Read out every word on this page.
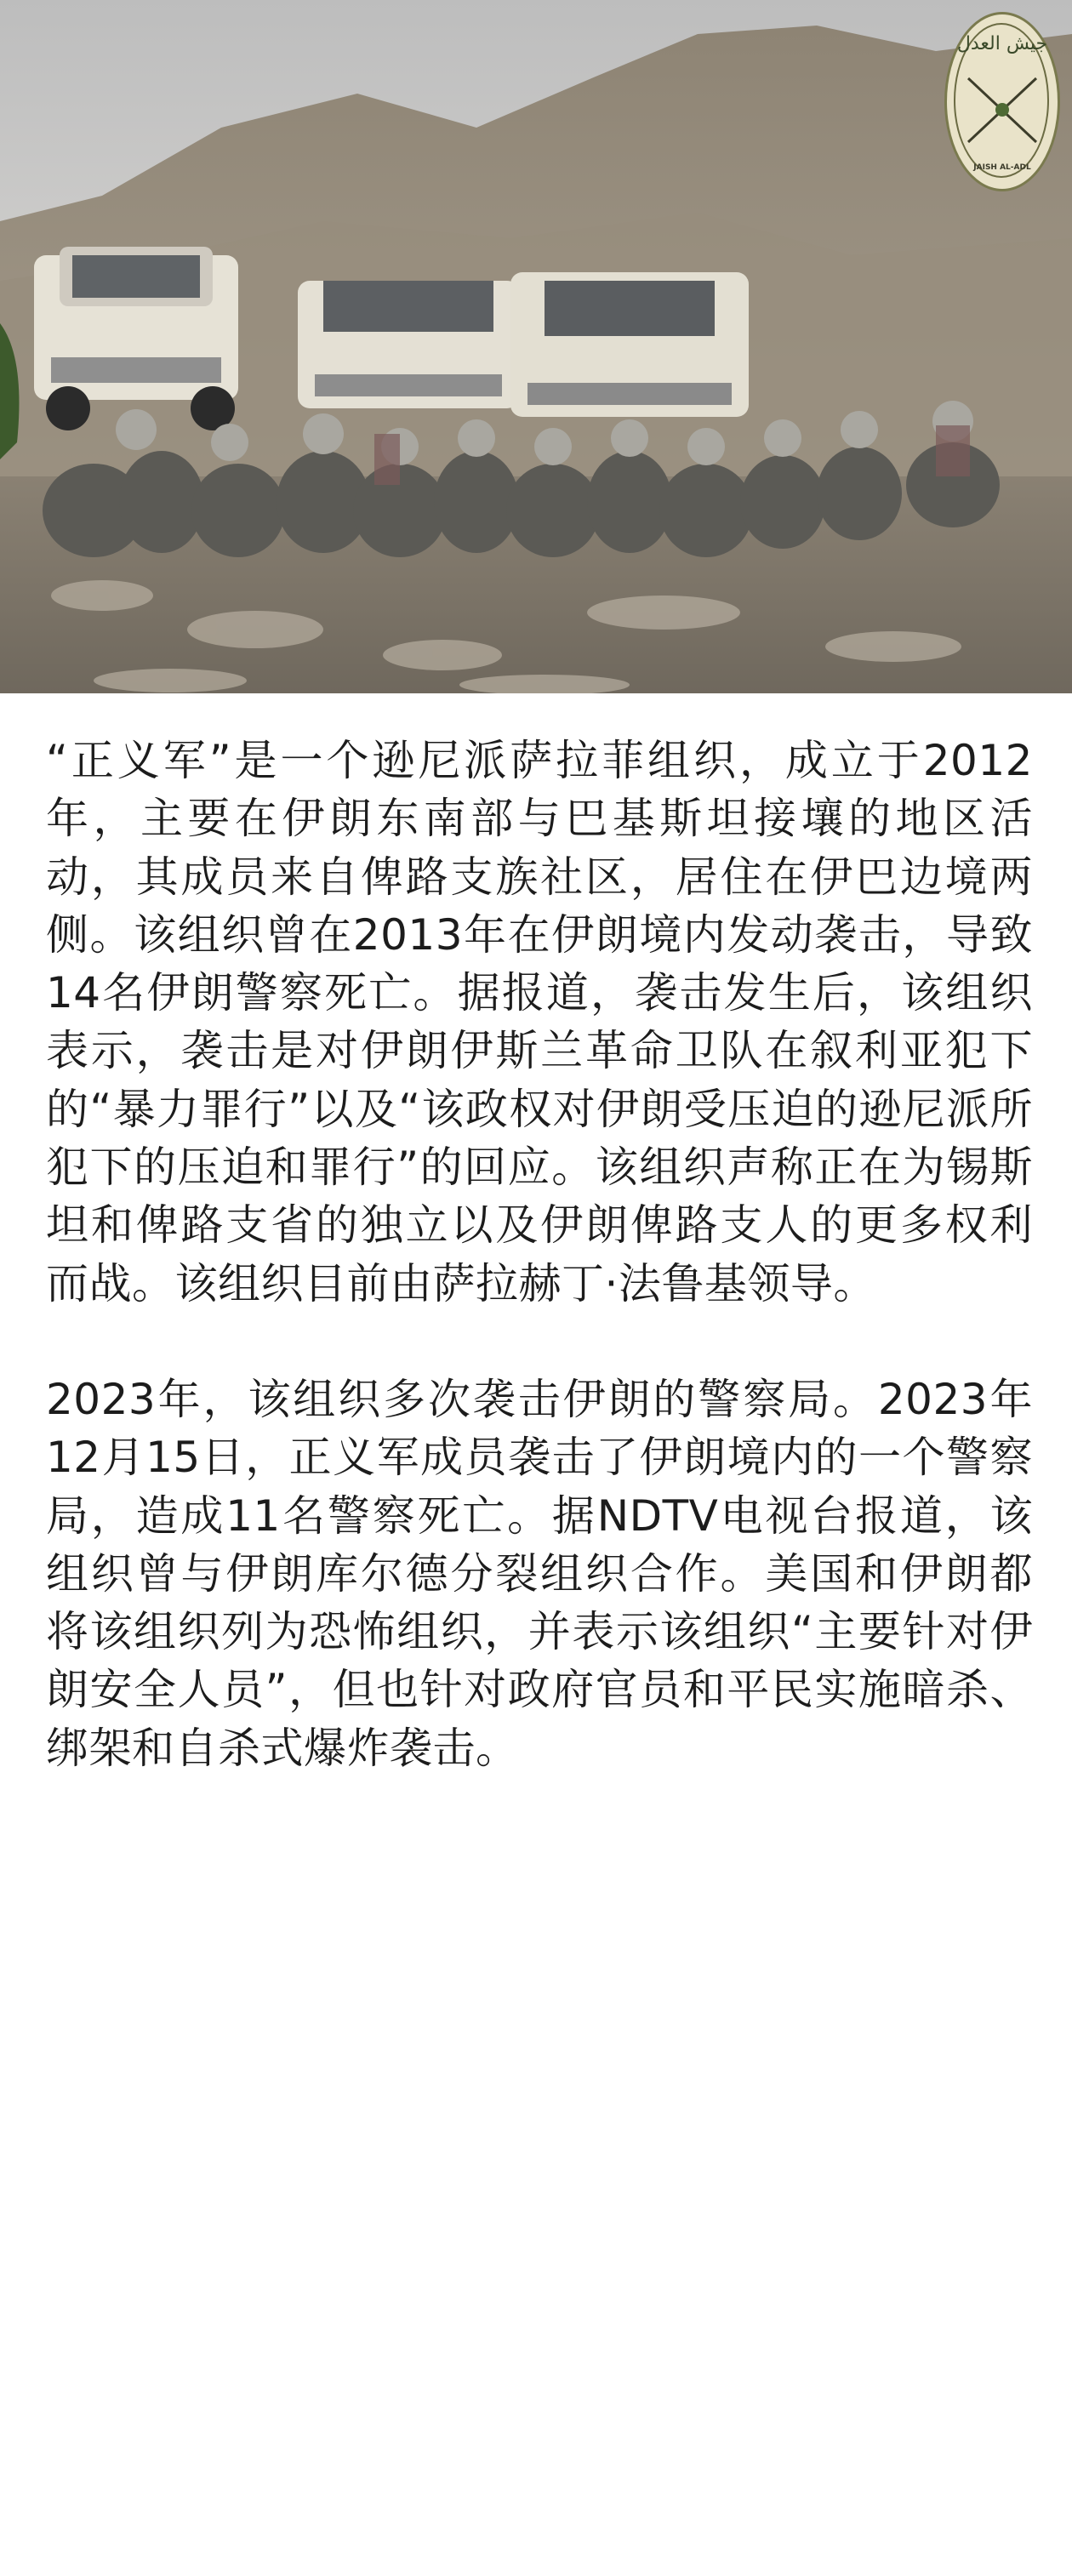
جيش العدل
JAISH AL-ADL

“正义军”是一个逊尼派萨拉菲组织，成立于2012年，主要在伊朗东南部与巴基斯坦接壤的地区活动，其成员来自俾路支族社区，居住在伊巴边境两侧。该组织曾在2013年在伊朗境内发动袭击，导致14名伊朗警察死亡。据报道，袭击发生后，该组织表示，袭击是对伊朗伊斯兰革命卫队在叙利亚犯下的“暴力罪行”以及“该政权对伊朗受压迫的逊尼派所犯下的压迫和罪行”的回应。该组织声称正在为锡斯坦和俾路支省的独立以及伊朗俾路支人的更多权利而战。该组织目前由萨拉赫丁·法鲁基领导。

2023年，该组织多次袭击伊朗的警察局。2023年12月15日，正义军成员袭击了伊朗境内的一个警察局，造成11名警察死亡。据NDTV电视台报道，该组织曾与伊朗库尔德分裂组织合作。美国和伊朗都将该组织列为恐怖组织，并表示该组织“主要针对伊朗安全人员”，但也针对政府官员和平民实施暗杀、绑架和自杀式爆炸袭击。
